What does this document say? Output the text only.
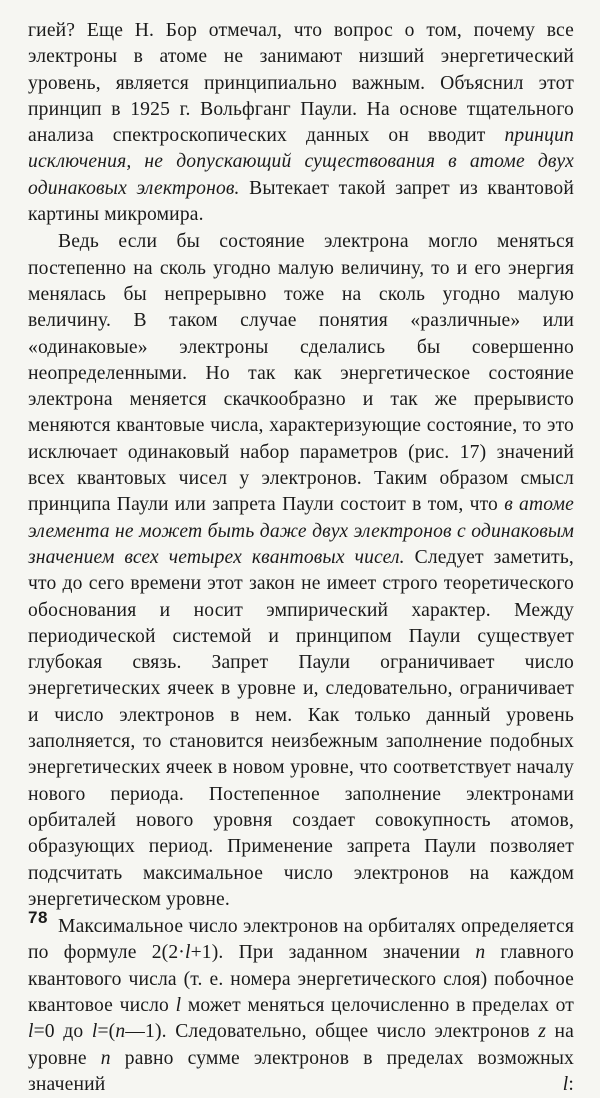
гией? Еще Н. Бор отмечал, что вопрос о том, почему все электроны в атоме не занимают низший энергетический уровень, является принципиально важным. Объяснил этот принцип в 1925 г. Вольфганг Паули. На основе тщательного анализа спектроскопических данных он вводит принцип исключения, не допускающий существования в атоме двух одинаковых электронов. Вытекает такой запрет из квантовой картины микромира.

Ведь если бы состояние электрона могло меняться постепенно на сколь угодно малую величину, то и его энергия менялась бы непрерывно тоже на сколь угодно малую величину. В таком случае понятия «различные» или «одинаковые» электроны сделались бы совершенно неопределенными. Но так как энергетическое состояние электрона меняется скачкообразно и так же прерывисто меняются квантовые числа, характеризующие состояние, то это исключает одинаковый набор параметров (рис. 17) значений всех квантовых чисел у электронов. Таким образом смысл принципа Паули или запрета Паули состоит в том, что в атоме элемента не может быть даже двух электронов с одинаковым значением всех четырех квантовых чисел. Следует заметить, что до сего времени этот закон не имеет строго теоретического обоснования и носит эмпирический характер. Между периодической системой и принципом Паули существует глубокая связь. Запрет Паули ограничивает число энергетических ячеек в уровне и, следовательно, ограничивает и число электронов в нем. Как только данный уровень заполняется, то становится неизбежным заполнение подобных энергетических ячеек в новом уровне, что соответствует началу нового периода. Постепенное заполнение электронами орбиталей нового уровня создает совокупность атомов, образующих период. Применение запрета Паули позволяет подсчитать максимальное число электронов на каждом энергетическом уровне.

Максимальное число электронов на орбиталях определяется по формуле 2(2·l+1). При заданном значении n главного квантового числа (т. е. номера энергетического слоя) побочное квантовое число l может меняться целочисленно в пределах от l=0 до l=(n—1). Следовательно, общее число электронов z на уровне n равно сумме электронов в пределах возможных значений l:

78
